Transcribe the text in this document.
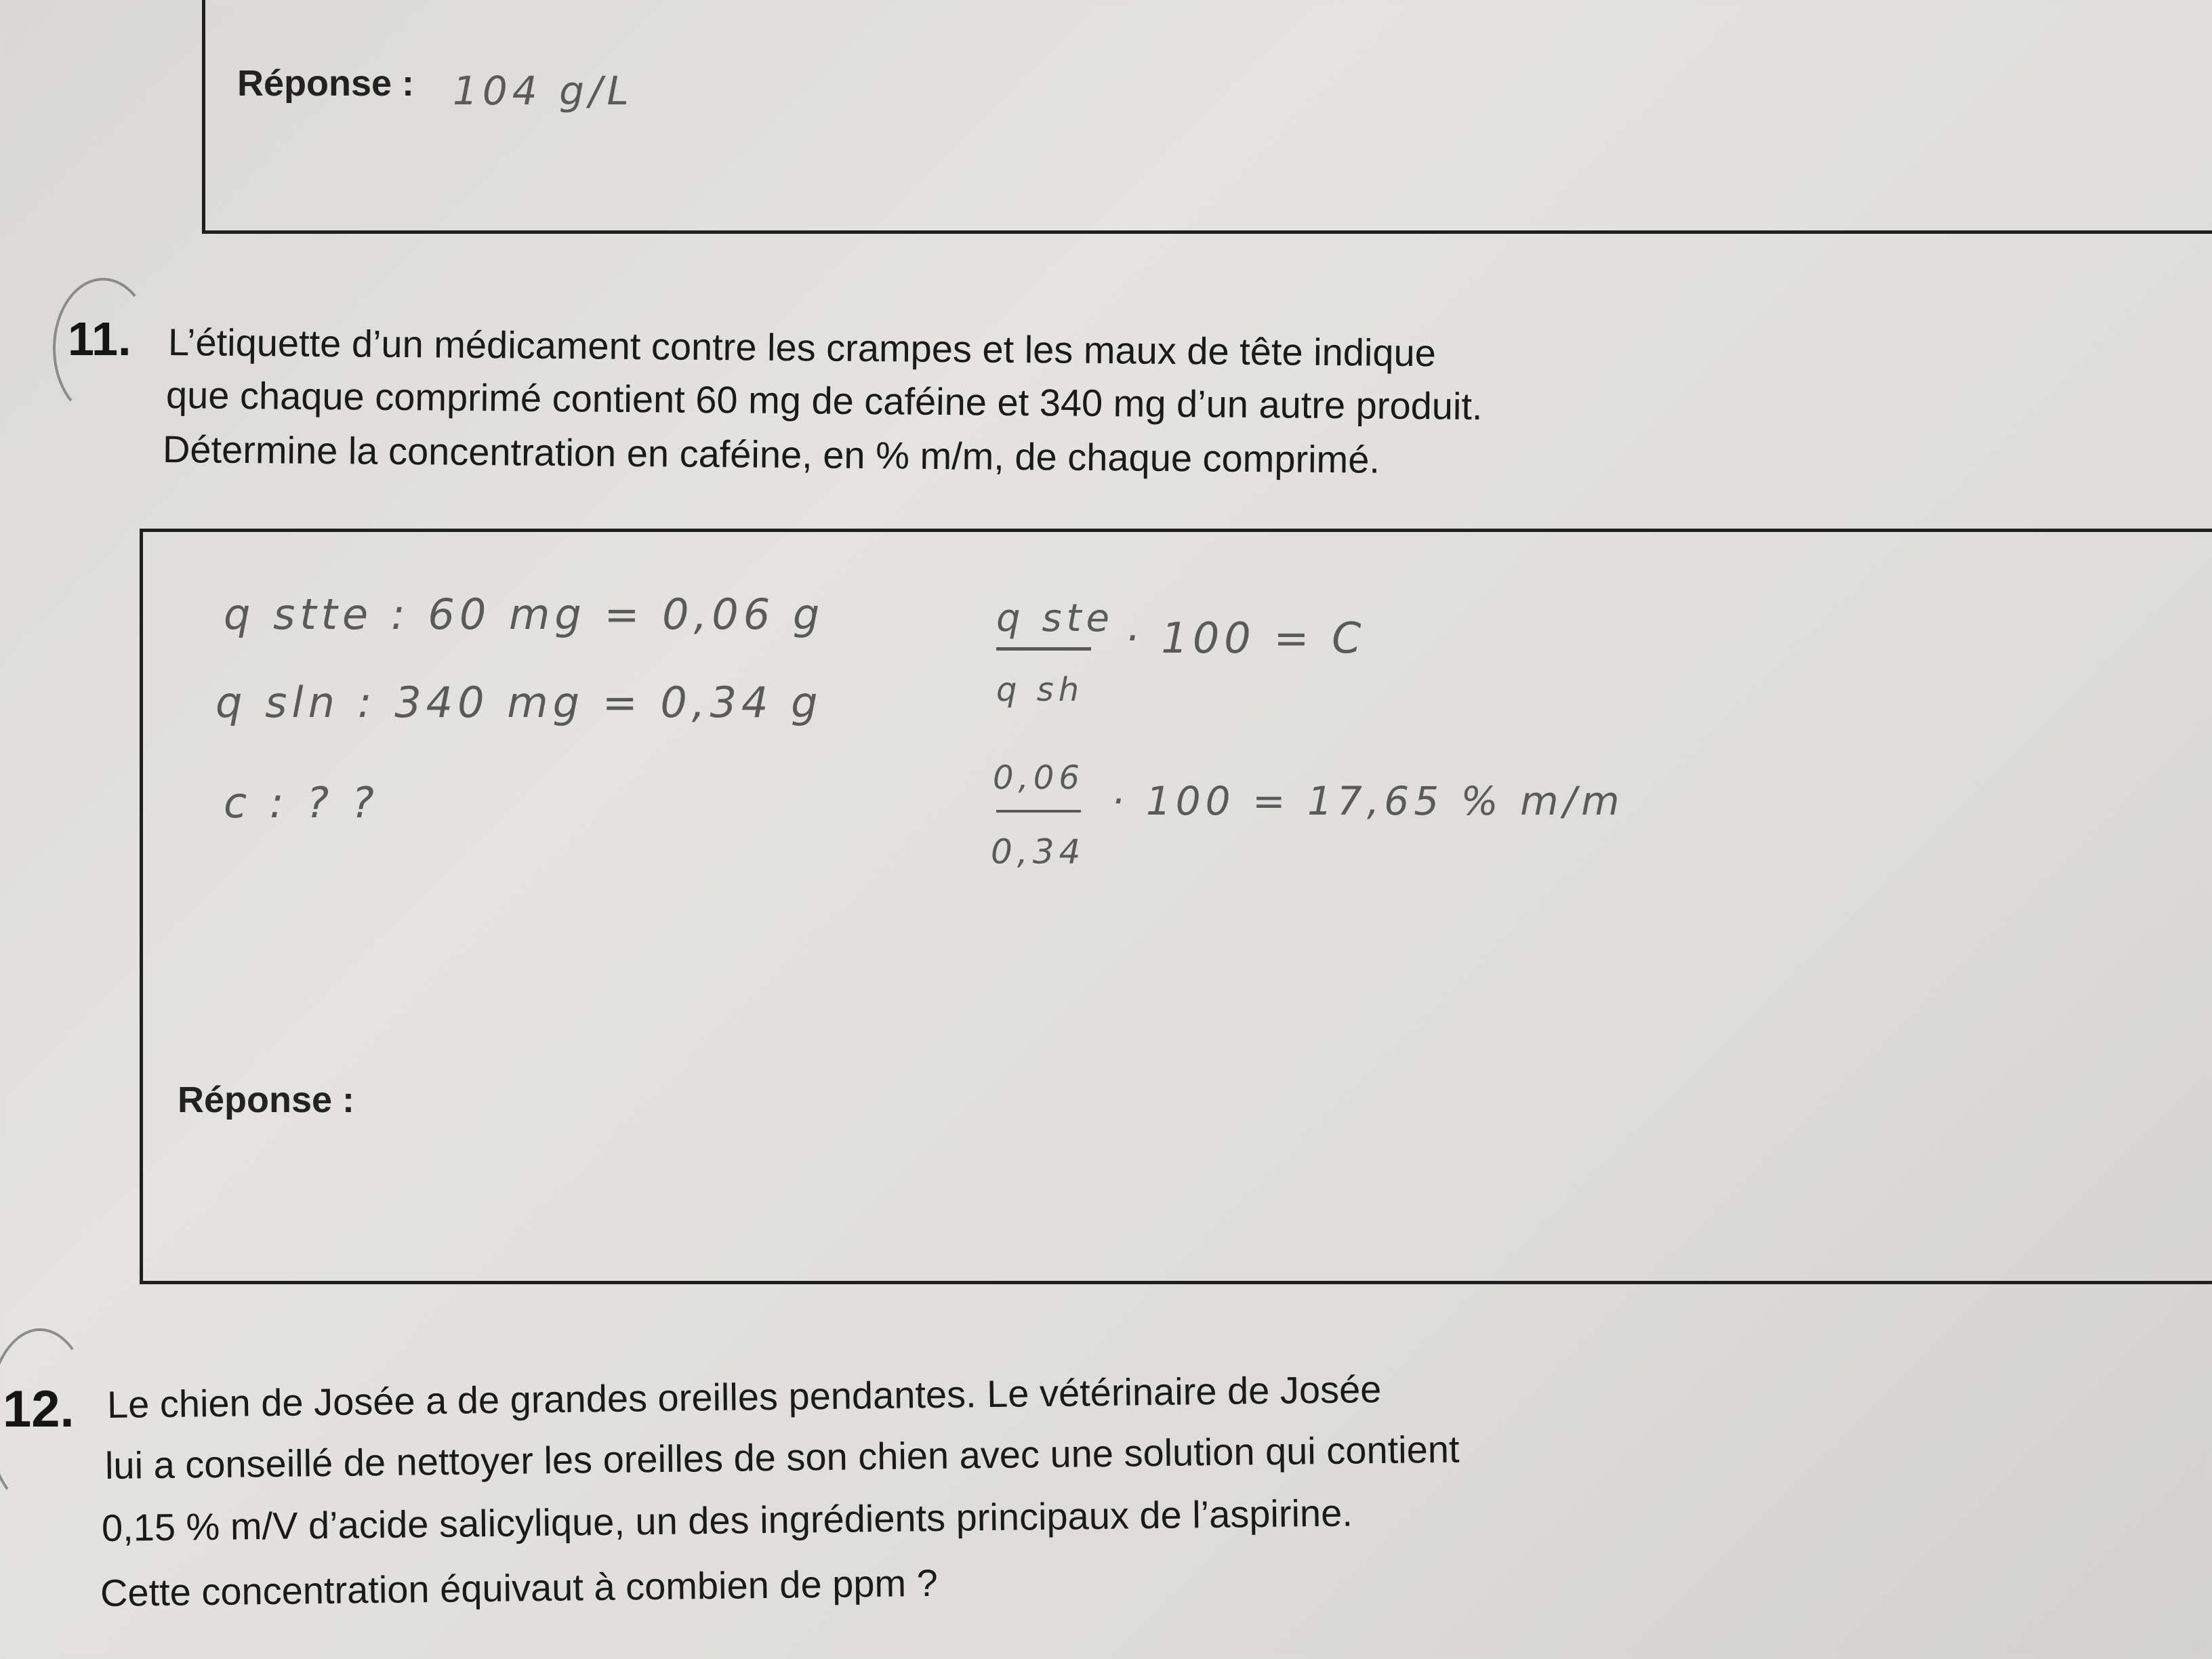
Réponse : 104 g/L
11. L’étiquette d’un médicament contre les crampes et les maux de tête indique
que chaque comprimé contient 60 mg de caféine et 340 mg d’un autre produit.
Détermine la concentration en caféine, en % m/m, de chaque comprimé.
q stte : 60 mg = 0,06 g
q sln : 340 mg = 0,34 g
c : ? ?
q ste
q sh
· 100 = C
0,06
0,34
· 100 = 17,65 % m/m
Réponse :
12. Le chien de Josée a de grandes oreilles pendantes. Le vétérinaire de Josée
lui a conseillé de nettoyer les oreilles de son chien avec une solution qui contient
0,15 % m/V d’acide salicylique, un des ingrédients principaux de l’aspirine.
Cette concentration équivaut à combien de ppm ?
